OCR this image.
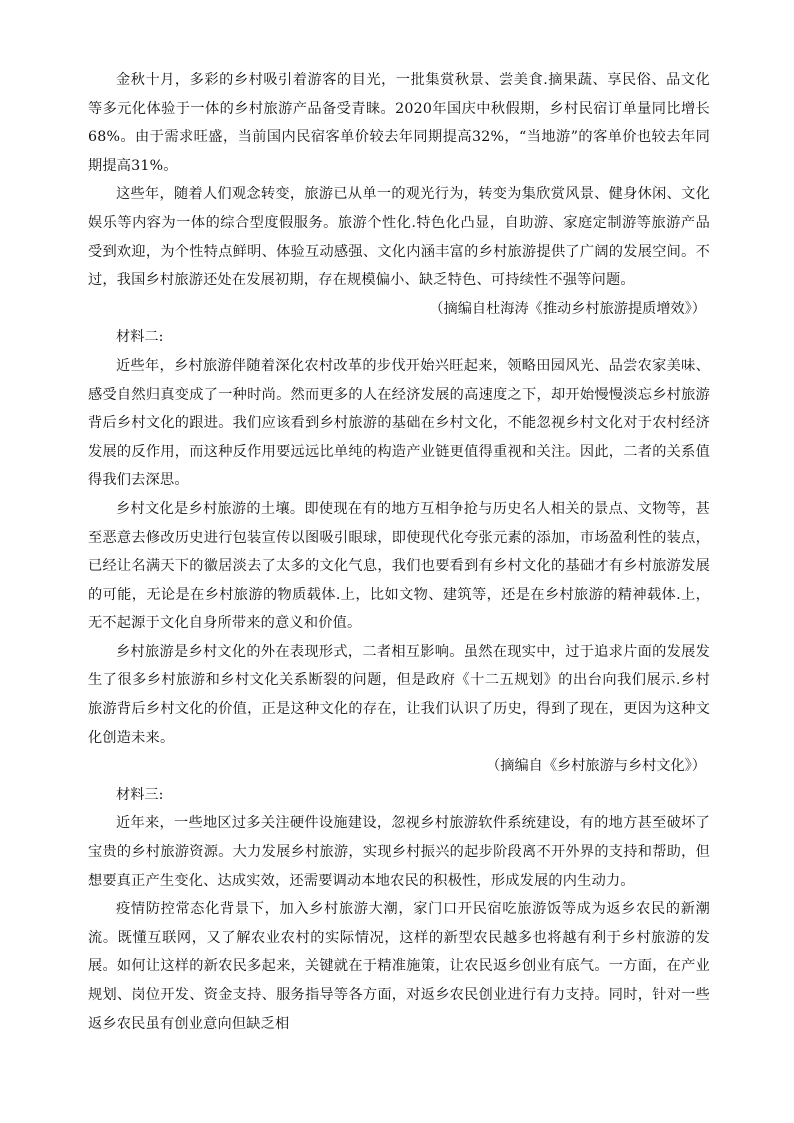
金秋十月，多彩的乡村吸引着游客的目光，一批集赏秋景、尝美食.摘果蔬、享民俗、品文化等多元化体验于一体的乡村旅游产品备受青睐。2020年国庆中秋假期，乡村民宿订单量同比增长68%。由于需求旺盛，当前国内民宿客单价较去年同期提高32%，“当地游”的客单价也较去年同期提高31%。

这些年，随着人们观念转变，旅游已从单一的观光行为，转变为集欣赏风景、健身休闲、文化娱乐等内容为一体的综合型度假服务。旅游个性化.特色化凸显，自助游、家庭定制游等旅游产品受到欢迎，为个性特点鲜明、体验互动感强、文化内涵丰富的乡村旅游提供了广阔的发展空间。不过，我国乡村旅游还处在发展初期，存在规模偏小、缺乏特色、可持续性不强等问题。

（摘编自杜海涛《推动乡村旅游提质增效》）

材料二:

近些年，乡村旅游伴随着深化农村改革的步伐开始兴旺起来，领略田园风光、品尝农家美味、感受自然归真变成了一种时尚。然而更多的人在经济发展的高速度之下，却开始慢慢淡忘乡村旅游背后乡村文化的跟进。我们应该看到乡村旅游的基础在乡村文化，不能忽视乡村文化对于农村经济发展的反作用，而这种反作用要远远比单纯的构造产业链更值得重视和关注。因此，二者的关系值得我们去深思。

乡村文化是乡村旅游的土壤。即使现在有的地方互相争抢与历史名人相关的景点、文物等，甚至恶意去修改历史进行包装宣传以图吸引眼球，即使现代化夸张元素的添加，市场盈利性的装点，已经让名满天下的徽居淡去了太多的文化气息，我们也要看到有乡村文化的基础才有乡村旅游发展的可能，无论是在乡村旅游的物质载体.上，比如文物、建筑等，还是在乡村旅游的精神载体.上，无不起源于文化自身所带来的意义和价值。

乡村旅游是乡村文化的外在表现形式，二者相互影响。虽然在现实中，过于追求片面的发展发生了很多乡村旅游和乡村文化关系断裂的问题，但是政府《十二五规划》的出台向我们展示.乡村旅游背后乡村文化的价值，正是这种文化的存在，让我们认识了历史，得到了现在，更因为这种文化创造未来。

（摘编自《乡村旅游与乡村文化》）

材料三:

近年来，一些地区过多关注硬件设施建设，忽视乡村旅游软件系统建设，有的地方甚至破坏了宝贵的乡村旅游资源。大力发展乡村旅游，实现乡村振兴的起步阶段离不开外界的支持和帮助，但想要真正产生变化、达成实效，还需要调动本地农民的积极性，形成发展的内生动力。

疫情防控常态化背景下，加入乡村旅游大潮，家门口开民宿吃旅游饭等成为返乡农民的新潮流。既懂互联网，又了解农业农村的实际情况，这样的新型农民越多也将越有利于乡村旅游的发展。如何让这样的新农民多起来，关键就在于精准施策，让农民返乡创业有底气。一方面，在产业规划、岗位开发、资金支持、服务指导等各方面，对返乡农民创业进行有力支持。同时，针对一些返乡农民虽有创业意向但缺乏相
